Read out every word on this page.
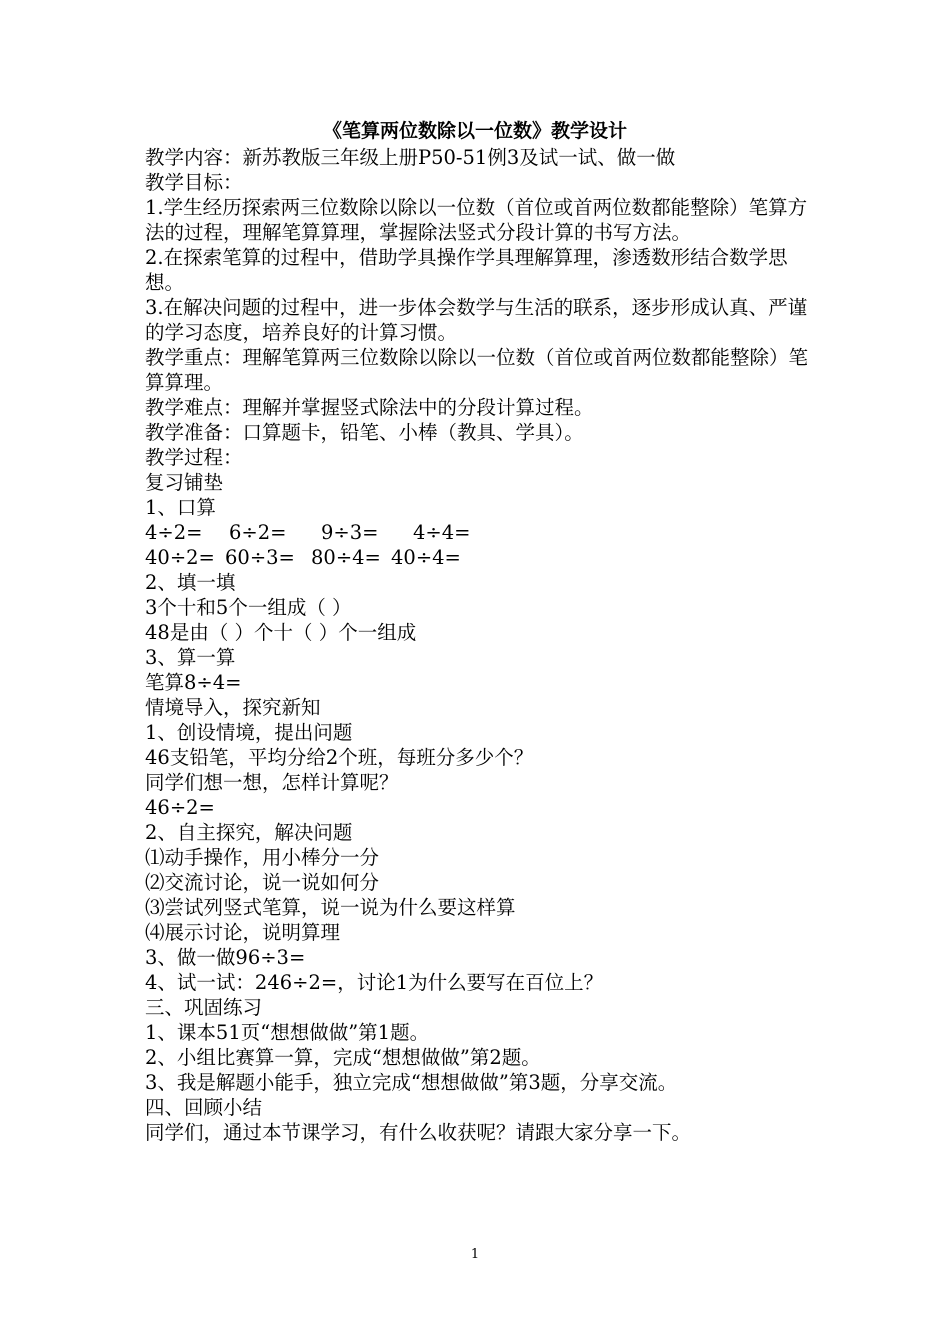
《笔算两位数除以一位数》教学设计

教学内容：新苏教版三年级上册P50-51例3及试一试、做一做

教学目标：

1.学生经历探索两三位数除以除以一位数（首位或首两位数都能整除）笔算方法的过程，理解笔算算理，掌握除法竖式分段计算的书写方法。

2.在探索笔算的过程中，借助学具操作学具理解算理，渗透数形结合数学思想。

3.在解决问题的过程中，进一步体会数学与生活的联系，逐步形成认真、严谨的学习态度，培养良好的计算习惯。

教学重点：理解笔算两三位数除以除以一位数（首位或首两位数都能整除）笔算算理。

教学难点：理解并掌握竖式除法中的分段计算过程。

教学准备：口算题卡，铅笔、小棒（教具、学具）。

教学过程：

复习铺垫

1、口算

4÷2= 6÷2= 9÷3= 4÷4=

40÷2= 60÷3= 80÷4= 40÷4=

2、填一填

3个十和5个一组成（ ）

48是由（ ）个十（ ）个一组成

3、算一算

笔算8÷4=

情境导入，探究新知

1、创设情境，提出问题

46支铅笔，平均分给2个班，每班分多少个？

同学们想一想，怎样计算呢？

46÷2=

2、自主探究，解决问题

⑴动手操作，用小棒分一分

⑵交流讨论，说一说如何分

⑶尝试列竖式笔算，说一说为什么要这样算

⑷展示讨论，说明算理

3、做一做96÷3=

4、试一试：246÷2=，讨论1为什么要写在百位上？

三、巩固练习

1、课本51页“想想做做”第1题。

2、小组比赛算一算，完成“想想做做”第2题。

3、我是解题小能手，独立完成“想想做做”第3题，分享交流。

四、回顾小结

同学们，通过本节课学习，有什么收获呢？请跟大家分享一下。

1
